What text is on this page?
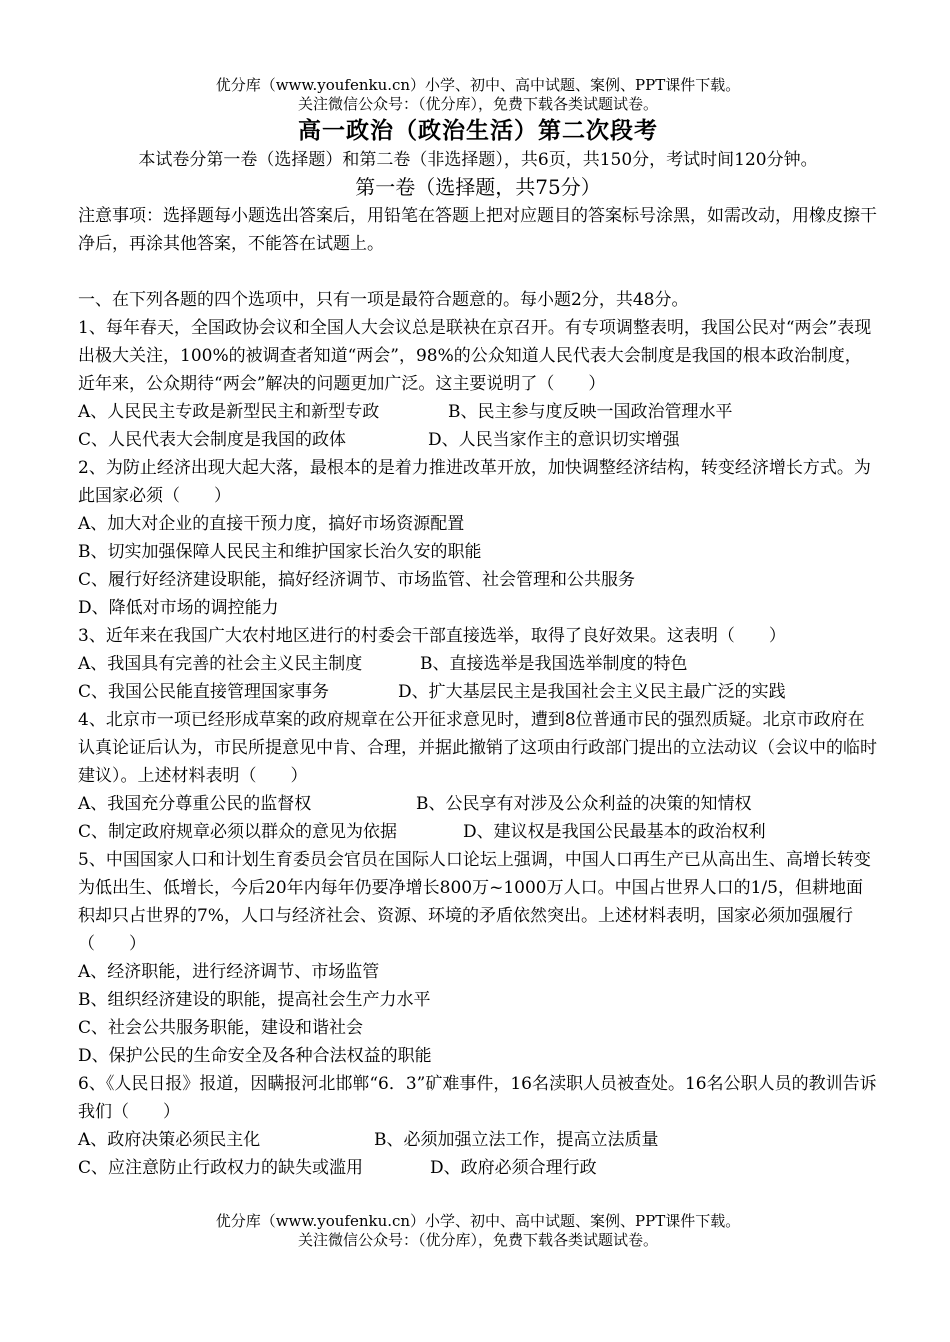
优分库（www.youfenku.cn）小学、初中、高中试题、案例、PPT课件下载。
关注微信公众号：（优分库），免费下载各类试题试卷。
高一政治（政治生活）第二次段考

本试卷分第一卷（选择题）和第二卷（非选择题），共6页，共150分，考试时间120分钟。

第一卷（选择题，共75分）

注意事项：选择题每小题选出答案后，用铅笔在答题上把对应题目的答案标号涂黑，如需改动，用橡皮擦干净后，再涂其他答案，不能答在试题上。

一、在下列各题的四个选项中，只有一项是最符合题意的。每小题2分，共48分。

1、每年春天，全国政协会议和全国人大会议总是联袂在京召开。有专项调整表明，我国公民对“两会”表现出极大关注，100%的被调查者知道“两会”，98%的公众知道人民代表大会制度是我国的根本政治制度，近年来，公众期待“两会”解决的问题更加广泛。这主要说明了（　　）

A、人民民主专政是新型民主和新型专政	B、民主参与度反映一国政治管理水平
C、人民代表大会制度是我国的政体	D、人民当家作主的意识切实增强

2、为防止经济出现大起大落，最根本的是着力推进改革开放，加快调整经济结构，转变经济增长方式。为此国家必须（　　）

A、加大对企业的直接干预力度，搞好市场资源配置

B、切实加强保障人民民主和维护国家长治久安的职能

C、履行好经济建设职能，搞好经济调节、市场监管、社会管理和公共服务

D、降低对市场的调控能力

3、近年来在我国广大农村地区进行的村委会干部直接选举，取得了良好效果。这表明（　　）

A、我国具有完善的社会主义民主制度	B、直接选举是我国选举制度的特色
C、我国公民能直接管理国家事务	D、扩大基层民主是我国社会主义民主最广泛的实践

4、北京市一项已经形成草案的政府规章在公开征求意见时，遭到8位普通市民的强烈质疑。北京市政府在认真论证后认为，市民所提意见中肯、合理，并据此撤销了这项由行政部门提出的立法动议（会议中的临时建议）。上述材料表明（　　）

A、我国充分尊重公民的监督权	B、公民享有对涉及公众利益的决策的知情权
C、制定政府规章必须以群众的意见为依据	D、建议权是我国公民最基本的政治权利

5、中国国家人口和计划生育委员会官员在国际人口论坛上强调，中国人口再生产已从高出生、高增长转变为低出生、低增长，今后20年内每年仍要净增长800万~1000万人口。中国占世界人口的1/5，但耕地面积却只占世界的7%，人口与经济社会、资源、环境的矛盾依然突出。上述材料表明，国家必须加强履行（　　）

A、经济职能，进行经济调节、市场监管

B、组织经济建设的职能，提高社会生产力水平

C、社会公共服务职能，建设和谐社会

D、保护公民的生命安全及各种合法权益的职能

6、《人民日报》报道，因瞒报河北邯郸“6．3”矿难事件，16名渎职人员被查处。16名公职人员的教训告诉我们（　　）

A、政府决策必须民主化	B、必须加强立法工作，提高立法质量
C、应注意防止行政权力的缺失或滥用	D、政府必须合理行政
优分库（www.youfenku.cn）小学、初中、高中试题、案例、PPT课件下载。
关注微信公众号：（优分库），免费下载各类试题试卷。
